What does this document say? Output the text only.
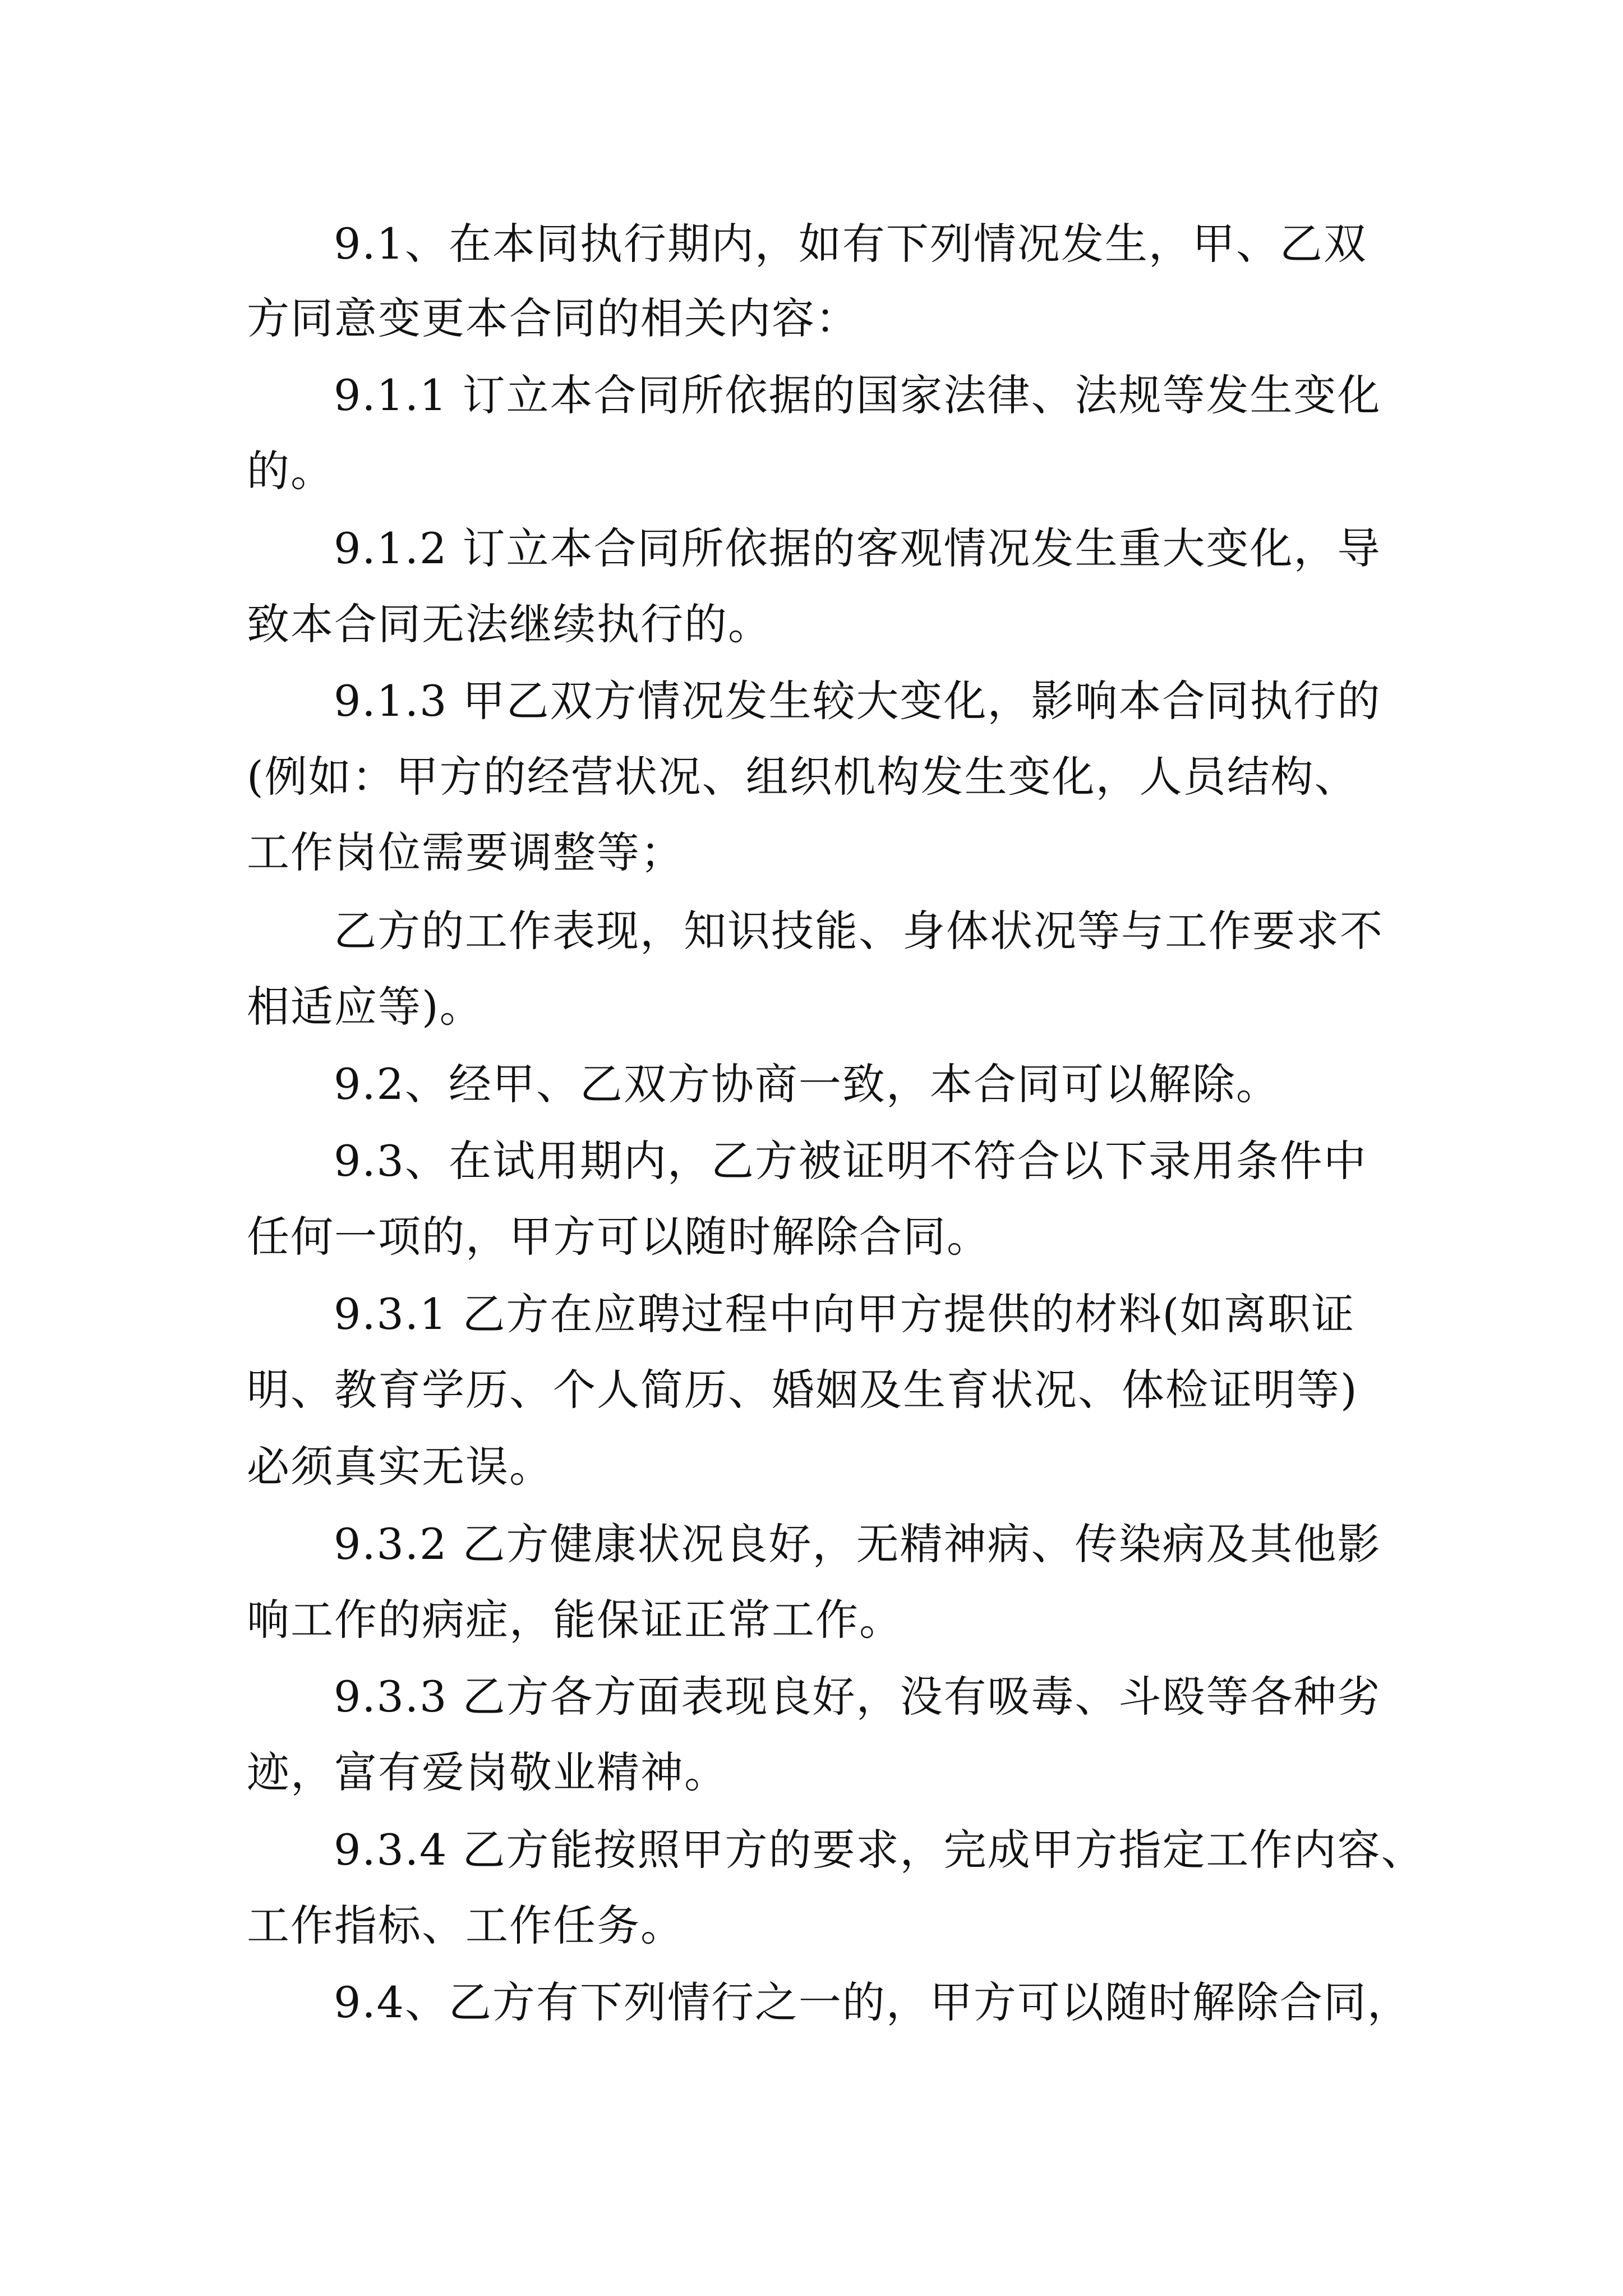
9.1、在本同执行期内，如有下列情况发生，甲、乙双
方同意变更本合同的相关内容：
9.1.1 订立本合同所依据的国家法律、法规等发生变化
的。
9.1.2 订立本合同所依据的客观情况发生重大变化，导
致本合同无法继续执行的。
9.1.3 甲乙双方情况发生较大变化，影响本合同执行的
(例如：甲方的经营状况、组织机构发生变化，人员结构、
工作岗位需要调整等；
乙方的工作表现，知识技能、身体状况等与工作要求不
相适应等)。
9.2、经甲、乙双方协商一致，本合同可以解除。
9.3、在试用期内，乙方被证明不符合以下录用条件中
任何一项的，甲方可以随时解除合同。
9.3.1 乙方在应聘过程中向甲方提供的材料(如离职证
明、教育学历、个人简历、婚姻及生育状况、体检证明等)
必须真实无误。
9.3.2 乙方健康状况良好，无精神病、传染病及其他影
响工作的病症，能保证正常工作。
9.3.3 乙方各方面表现良好，没有吸毒、斗殴等各种劣
迹，富有爱岗敬业精神。
9.3.4 乙方能按照甲方的要求，完成甲方指定工作内容、
工作指标、工作任务。
9.4、乙方有下列情行之一的，甲方可以随时解除合同，
